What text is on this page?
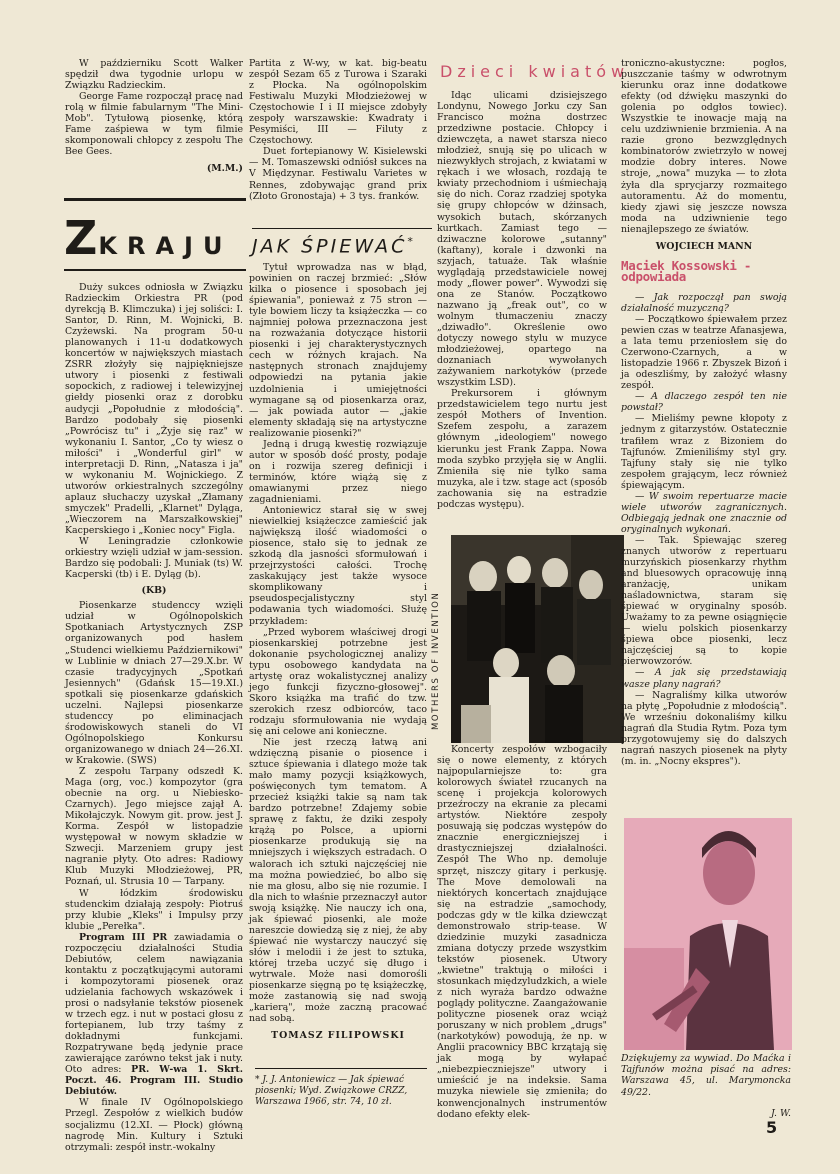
W październiku Scott Walker spędził dwa tygodnie urlopu w Związku Radzieckim.

George Fame rozpoczął pracę nad rolą w filmie fabularnym "The Mini-Mob". Tytułową piosenkę, którą Fame zaśpiewa w tym filmie skomponowali chłopcy z zespołu The Bee Gees.

(M.M.)
ZKRAJU

Duży sukces odniosła w Związku Radzieckim Orkiestra PR (pod dyrekcją B. Klimczuka) i jej soliści: I. Santor, D. Rinn, M. Wojnicki, B. Czyżewski. Na program 50-u planowanych i 11-u dodatkowych koncertów w największych miastach ZSRR złożyły się najpiękniejsze utwory i piosenki z festiwali sopockich, z radiowej i telewizyjnej giełdy piosenki oraz z dorobku audycji „Popołudnie z młodością". Bardzo podobały się piosenki „Powrócisz tu" i „Żyje się raz" w wykonaniu I. Santor, „Co ty wiesz o miłości" i „Wonderful girl" w interpretacji D. Rinn, „Natasza i ja" w wykonaniu M. Wojnickiego. Z utworów orkiestralnych szczególny aplauz słuchaczy uzyskał „Złamany smyczek" Pradelli, „Klarnet" Dyląga, „Wieczorem na Marszałkowskiej" Kacperskiego i „Koniec nocy" Figla.

W Leningradzie członkowie orkiestry wzięli udział w jam-session. Bardzo się podobali: J. Muniak (ts) W. Kacperski (tb) i E. Dyląg (b).

(KB)

Piosenkarze studenccy wzięli udział w Ogólnopolskich Spotkaniach Artystycznych ZSP organizowanych pod hasłem „Studenci wielkiemu Październikowi" w Lublinie w dniach 27—29.X.br. W czasie tradycyjnych „Spotkań Jesiennych" (Gdańsk 15—19.XI.) spotkali się piosenkarze gdańskich uczelni. Najlepsi piosenkarze studenccy po eliminacjach środowiskowych staneli do VI Ogólnopolskiego Konkursu organizowanego w dniach 24—26.XI. w Krakowie. (SWS)

Z zespołu Tarpany odszedł K. Maga (org, voc.) kompozytor (gra obecnie na org. u Niebiesko-Czarnych). Jego miejsce zajął A. Mikołajczyk. Nowym git. prow. jest J. Korma. Zespół w listopadzie występował w nowym składzie w Szwecji. Marzeniem grupy jest nagranie płyty. Oto adres: Radiowy Klub Muzyki Młodzieżowej, PR, Poznań, ul. Strusia 10 — Tarpany.

W łódzkim środowisku studenckim działają zespoły: Piotruś przy klubie „Kleks" i Impulsy przy klubie „Perełka".

Program III PR zawiadamia o rozpoczęciu działalności Studia Debiutów, celem nawiązania kontaktu z początkującymi autorami i kompozytorami piosenek oraz udzielania fachowych wskazówek i prosi o nadsyłanie tekstów piosenek w trzech egz. i nut w postaci głosu z fortepianem, lub trzy taśmy z dokładnymi funkcjami. Rozpatrywane będą jedynie prace zawierające zarówno tekst jak i nuty. Oto adres: PR. W-wa 1. Skrt. Poczt. 46. Program III. Studio Debiutów.

W finale IV Ogólnopolskiego Przegl. Zespołów z wielkich budów socjalizmu (12.XI. — Płock) główną nagrodę Min. Kultury i Sztuki otrzymali: zespół instr.-wokalny

Partita z W-wy, w kat. big-beatu zespół Sezam 65 z Turowa i Szaraki z Płocka. Na ogólnopolskim Festiwalu Muzyki Młodzieżowej w Częstochowie I i II miejsce zdobyły zespoły warszawskie: Kwadraty i Pesymiści, III — Filuty z Częstochowy.

Duet fortepianowy W. Kisielewski — M. Tomaszewski odniósł sukces na V Międzynar. Festiwalu Varietes w Rennes, zdobywając grand prix (Złoto Gronostaja) + 3 tys. franków.

JAK ŚPIEWAĆ*

Tytuł wprowadza nas w błąd, powinien on raczej brzmieć: „Słów kilka o piosence i sposobach jej śpiewania", ponieważ z 75 stron — tyle bowiem liczy ta książeczka — co najmniej połowa przeznaczona jest na rozważania dotyczące historii piosenki i jej charakterystycznych cech w różnych krajach. Na następnych stronach znajdujemy odpowiedzi na pytania jakie uzdolnienia i umiejętności wymagane są od piosenkarza oraz, — jak powiada autor — „jakie elementy składają się na artystyczne realizowanie piosenki?"

Jedną i drugą kwestię rozwiązuje autor w sposób dość prosty, podaje on i rozwija szereg definicji i terminów, które wiążą się z omawianymi przez niego zagadnieniami.

Antoniewicz starał się w swej niewielkiej książeczce zamieścić jak największą ilość wiadomości o piosence, stało się to jednak ze szkodą dla jasności sformułowań i przejrzystości całości. Trochę zaskakujący jest także wysoce skomplikowany i pseudospecjalistyczny styl podawania tych wiadomości. Służę przykładem:

„Przed wyborem właściwej drogi piosenkarskiej potrzebne jest dokonanie psychologicznej analizy typu osobowego kandydata na artystę oraz wokalistycznej analizy jego funkcji fizyczno-głosowej". Skoro książka ma trafić do tzw. szerokich rzesz odbiorców, taco rodzaju sformułowania nie wydają się ani celowe ani konieczne.

Nie jest rzeczą łatwą ani wdzięczną pisanie o piosence i sztuce śpiewania i dlatego może tak mało mamy pozycji książkowych, poświęconych tym tematom. A przecież książki takie są nam tak bardzo potrzebne! Zdajemy sobie sprawę z faktu, że dziki zespoły krążą po Polsce, a upiorni piosenkarze produkują się na mniejszych i większych estradach. O walorach ich sztuki najczęściej nie ma można powiedzieć, bo albo się nie ma głosu, albo się nie rozumie. I dla nich to właśnie przeznaczył autor swoją książkę. Nie nauczy ich ona, jak śpiewać piosenki, ale może nareszcie dowiedzą się z niej, że aby śpiewać nie wystarczy nauczyć się słów i melodii i że jest to sztuka, której trzeba uczyć się długo i wytrwale. Może nasi domorośli piosenkarze sięgną po tę książeczkę, może zastanowią się nad swoją „karierą", może zaczną pracować nad sobą.

TOMASZ FILIPOWSKI
* J. J. Antoniewicz — Jak śpiewać piosenki; Wyd. Związkowe CRZZ, Warszawa 1966, str. 74, 10 zł.
Dzieci kwiatów

Idąc ulicami dzisiejszego Londynu, Nowego Jorku czy San Francisco można dostrzec przedziwne postacie. Chłopcy i dziewczęta, a nawet starsza nieco młodzież, snują się po ulicach w niezwykłych strojach, z kwiatami w rękach i we włosach, rozdają te kwiaty przechodniom i uśmiechają się do nich. Coraz rzadziej spotyka się grupy chłopców w dżinsach, wysokich butach, skórzanych kurtkach. Zamiast tego — dziwaczne kolorowe „sutanny" (kaftany), korale i dzwonki na szyjach, tatuaże. Tak właśnie wyglądają przedstawiciele nowej mody „flower power". Wywodzi się ona ze Stanów. Początkowo nazwano ją „freak out", co w wolnym tłumaczeniu znaczy „dziwadło". Określenie owo dotyczy nowego stylu w muzyce młodzieżowej, opartego na doznaniach wywołanych zażywaniem narkotyków (przede wszystkim LSD).

Prekursorem i głównym przedstawicielem tego nurtu jest zespół Mothers of Invention. Szefem zespołu, a zarazem głównym „ideologiem" nowego kierunku jest Frank Zappa. Nowa moda szybko przyjęła się w Anglii. Zmieniła się nie tylko sama muzyka, ale i tzw. stage act (sposób zachowania się na estradzie podczas występu).

MOTHERS OF INVENTION

Koncerty zespołów wzbogaciły się o nowe elementy, z których najpopularniejsze to: gra kolorowych świateł rzucanych na scenę i projekcja kolorowych przeźroczy na ekranie za plecami artystów. Niektóre zespoły posuwają się podczas występów do znacznie energiczniejszej i drastyczniejszej działalności. Zespół The Who np. demoluje sprzęt, niszczy gitary i perkusję. The Move demolowali na niektórych koncertach znajdujące się na estradzie „samochody, podczas gdy w tle kilka dziewcząt demonstrowało strip-tease. W dziedzinie muzyki zasadnicza zmiana dotyczy przede wszystkim tekstów piosenek. Utwory „kwietne" traktują o miłości i stosunkach międzyludzkich, a wiele z nich wyraża bardzo odważne poglądy polityczne. Zaangażowanie polityczne piosenek oraz wciąż poruszany w nich problem „drugs" (narkotyków) powodują, że np. w Anglii pracownicy BBC krzątają się jak mogą by wyłapać „niebezpieczniejsze" utwory i umieścić je na indeksie. Sama muzyka niewiele się zmieniła; do konwencjonalnych instrumentów dodano efekty elek-

troniczno-akustyczne: pogłos, puszczanie taśmy w odwrotnym kierunku oraz inne dodatkowe efekty (od dźwięku maszynki do golenia po odgłos towiec). Wszystkie te inowacje mają na celu uzdziwnienie brzmienia. A na razie grono bezwzględnych kombinatorów zwietrzyło w nowej modzie dobry interes. Nowe stroje, „nowa" muzyka — to złota żyła dla sprycjarzy rozmaitego autoramentu. Aż do momentu, kiedy zjawi się jeszcze nowsza moda na udziwnienie tego nienajlepszego ze światów.

WOJCIECH MANN
Maciek Kossowski - odpowiada

— Jak rozpoczął pan swoją działalność muzyczną?

— Początkowo śpiewałem przez pewien czas w teatrze Afanasjewa, a lata temu przeniosłem się do Czerwono-Czarnych, a w listopadzie 1966 r. Zbyszek Bizoń i ja odeszliśmy, by założyć własny zespół.

— A dlaczego zespół ten nie powstał?

— Mieliśmy pewne kłopoty z jednym z gitarzystów. Ostatecznie trafiłem wraz z Bizoniem do Tajfunów. Zmieniliśmy styl gry. Tajfuny stały się nie tylko zespołem grającym, lecz również śpiewającym.

— W swoim repertuarze macie wiele utworów zagranicznych. Odbiegają jednak one znacznie od oryginalnych wykonań.

— Tak. Śpiewając szereg znanych utworów z repertuaru murzyńskich piosenkarzy rhythm and bluesowych opracowuję inną aranżację, unikam naśladownictwa, staram się śpiewać w oryginalny sposób. Uważamy to za pewne osiągnięcie — wielu polskich piosenkarzy śpiewa obce piosenki, lecz najczęściej są to kopie pierwowzorów.

— A jak się przedstawiają wasze plany nagrań?

— Nagraliśmy kilka utworów na płytę „Popołudnie z młodością". We wrześniu dokonaliśmy kilku nagrań dla Studia Rytm. Poza tym przygotowujemy się do dalszych nagrań naszych piosenek na płyty (m. in. „Nocny ekspres").

Dziękujemy za wywiad. Do Maćka i Tajfunów można pisać na adres: Warszawa 45, ul. Marymoncka 49/22.
J. W.
5
